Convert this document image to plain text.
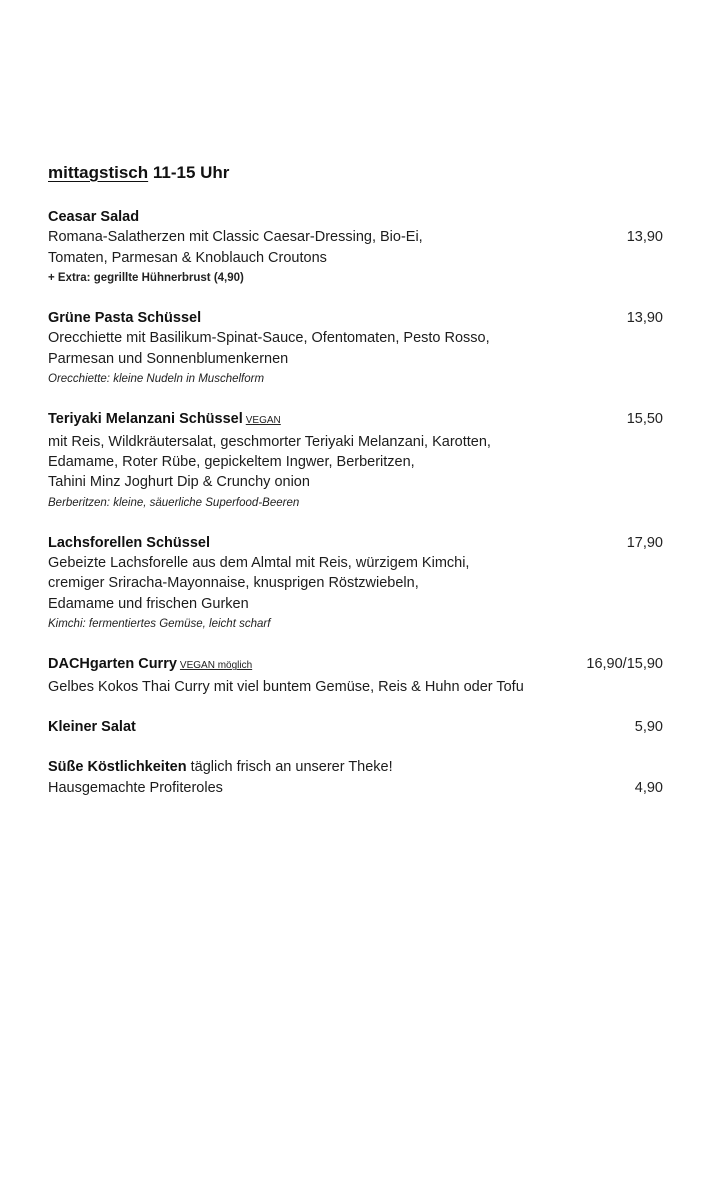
mittagstisch 11-15 Uhr
Ceasar Salad
Romana-Salatherzen mit Classic Caesar-Dressing, Bio-Ei,
Tomaten, Parmesan & Knoblauch Croutons
+ Extra: gegrillte Hühnerbrust (4,90)
13,90
Grüne Pasta Schüssel
Orecchiette mit Basilikum-Spinat-Sauce, Ofentomaten, Pesto Rosso,
Parmesan und Sonnenblumenkernen
Orecchiette: kleine Nudeln in Muschelform
13,90
Teriyaki Melanzani Schüssel VEGAN
mit Reis, Wildkräutersalat, geschmorter Teriyaki Melanzani, Karotten,
Edamame, Roter Rübe, gepickeltem Ingwer, Berberitzen,
Tahini Minz Joghurt Dip & Crunchy onion
Berberitzen: kleine, säuerliche Superfood-Beeren
15,50
Lachsforellen Schüssel
Gebeizte Lachsforelle aus dem Almtal mit Reis, würzigem Kimchi,
cremiger Sriracha-Mayonnaise, knusprigen Röstzwiebeln,
Edamame und frischen Gurken
Kimchi: fermentiertes Gemüse, leicht scharf
17,90
DACHgarten Curry VEGAN möglich
Gelbes Kokos Thai Curry mit viel buntem Gemüse, Reis & Huhn oder Tofu
16,90/15,90
Kleiner Salat	5,90
Süße Köstlichkeiten täglich frisch an unserer Theke!
Hausgemachte Profiteroles	4,90
